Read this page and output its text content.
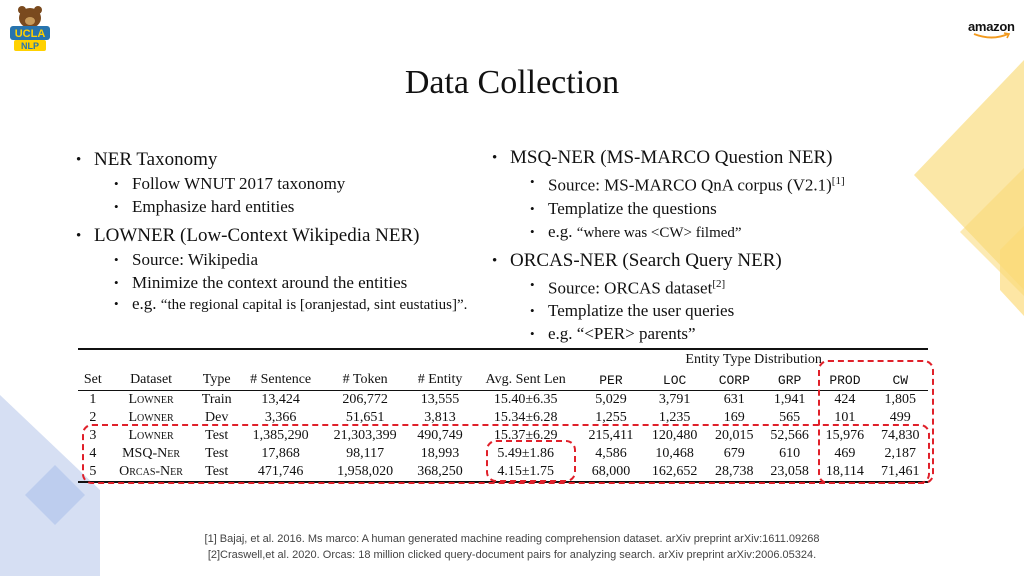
UCLA
NLP
amazon
Data Collection
• NER Taxonomy
• Follow WNUT 2017 taxonomy
• Emphasize hard entities
• LOWNER (Low-Context Wikipedia NER)
• Source: Wikipedia
• Minimize the context around the entities
• e.g. “the regional capital is [oranjestad, sint eustatius]”.
• MSQ-NER (MS-MARCO Question NER)
• Source: MS-MARCO QnA corpus (V2.1)[1]
• Templatize the questions
• e.g. “where was <CW> filmed”
• ORCAS-NER (Search Query NER)
• Source: ORCAS dataset[2]
• Templatize the user queries
• e.g. “<PER> parents”
							Entity Type Distribution					
Set	Dataset	Type	# Sentence	# Token	# Entity	Avg. Sent Len	PER	LOC	CORP	GRP	PROD	CW
1	Lowner	Train	13,424	206,772	13,555	15.40±6.35	5,029	3,791	631	1,941	424	1,805
2	Lowner	Dev	3,366	51,651	3,813	15.34±6.28	1,255	1,235	169	565	101	499
3	Lowner	Test	1,385,290	21,303,399	490,749	15.37±6.29	215,411	120,480	20,015	52,566	15,976	74,830
4	MSQ-Ner	Test	17,868	98,117	18,993	5.49±1.86	4,586	10,468	679	610	469	2,187
5	Orcas-Ner	Test	471,746	1,958,020	368,250	4.15±1.75	68,000	162,652	28,738	23,058	18,114	71,461
[1] Bajaj, et al. 2016. Ms marco: A human generated machine reading comprehension dataset. arXiv preprint arXiv:1611.09268
[2]Craswell,et al. 2020. Orcas: 18 million clicked query-document pairs for analyzing search. arXiv preprint arXiv:2006.05324.
